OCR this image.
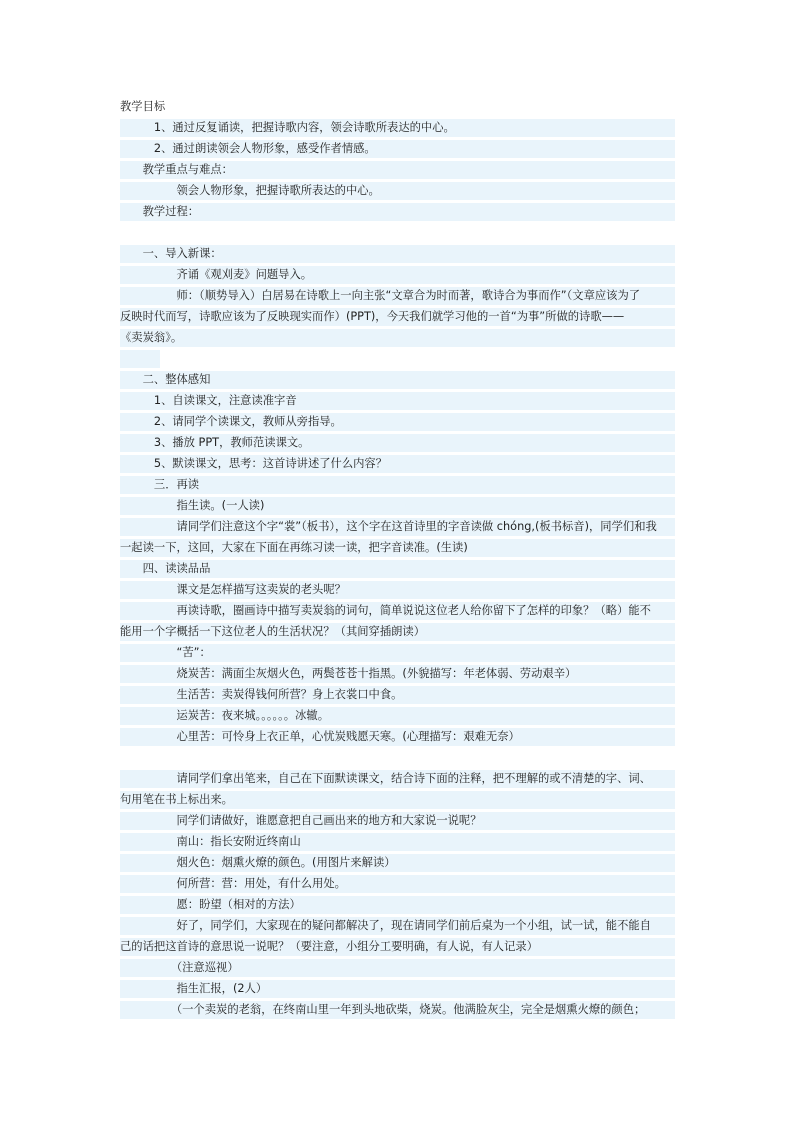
教学目标
　　　1、通过反复诵读，把握诗歌内容，领会诗歌所表达的中心。
　　　2、通过朗读领会人物形象，感受作者情感。
　　教学重点与难点：
　　　　　领会人物形象，把握诗歌所表达的中心。
　　教学过程：
　　一、导入新课：
　　　　　齐诵《观刈麦》问题导入。
　　　　　师：（顺势导入）白居易在诗歌上一向主张“文章合为时而著，歌诗合为事而作”（文章应该为了
反映时代而写，诗歌应该为了反映现实而作）(PPT)，今天我们就学习他的一首“为事”所做的诗歌——
《卖炭翁》。
　　二、整体感知
　　　1、自读课文，注意读准字音
　　　2、请同学个读课文，教师从旁指导。
　　　3、播放 PPT，教师范读课文。
　　　5、默读课文，思考：这首诗讲述了什么内容？
　　　三．再读
　　　　　指生读。(一人读)
　　　　　请同学们注意这个字“裳”（板书），这个字在这首诗里的字音读做 chóng,(板书标音)，同学们和我
一起读一下，这回，大家在下面在再练习读一读，把字音读准。(生读)
　　四、读读品品
　　　　　课文是怎样描写这卖炭的老头呢？
　　　　　再读诗歌，圈画诗中描写卖炭翁的词句，简单说说这位老人给你留下了怎样的印象？（略）能不
能用一个字概括一下这位老人的生活状况？（其间穿插朗读）
　　　　　“苦”：
　　　　　烧炭苦：满面尘灰烟火色，两鬓苍苍十指黑。(外貌描写：年老体弱、劳动艰辛）
　　　　　生活苦：卖炭得钱何所营？身上衣裳口中食。
　　　　　运炭苦：夜来城。。。。。。冰辙。
　　　　　心里苦：可怜身上衣正单，心忧炭贱愿天寒。(心理描写：艰难无奈）
　　　　　请同学们拿出笔来，自己在下面默读课文，结合诗下面的注释，把不理解的或不清楚的字、词、
句用笔在书上标出来。
　　　　　同学们请做好，谁愿意把自己画出来的地方和大家说一说呢？
　　　　　南山：指长安附近终南山
　　　　　烟火色：烟熏火燎的颜色。(用图片来解读）
　　　　　何所营：营：用处，有什么用处。
　　　　　愿：盼望（相对的方法）
　　　　　好了，同学们，大家现在的疑问都解决了，现在请同学们前后桌为一个小组，试一试，能不能自
己的话把这首诗的意思说一说呢？（要注意，小组分工要明确，有人说，有人记录）
　　　　　（注意巡视）
　　　　　指生汇报，(2人）
　　　　　（一个卖炭的老翁，在终南山里一年到头地砍柴，烧炭。他满脸灰尘，完全是烟熏火燎的颜色；
